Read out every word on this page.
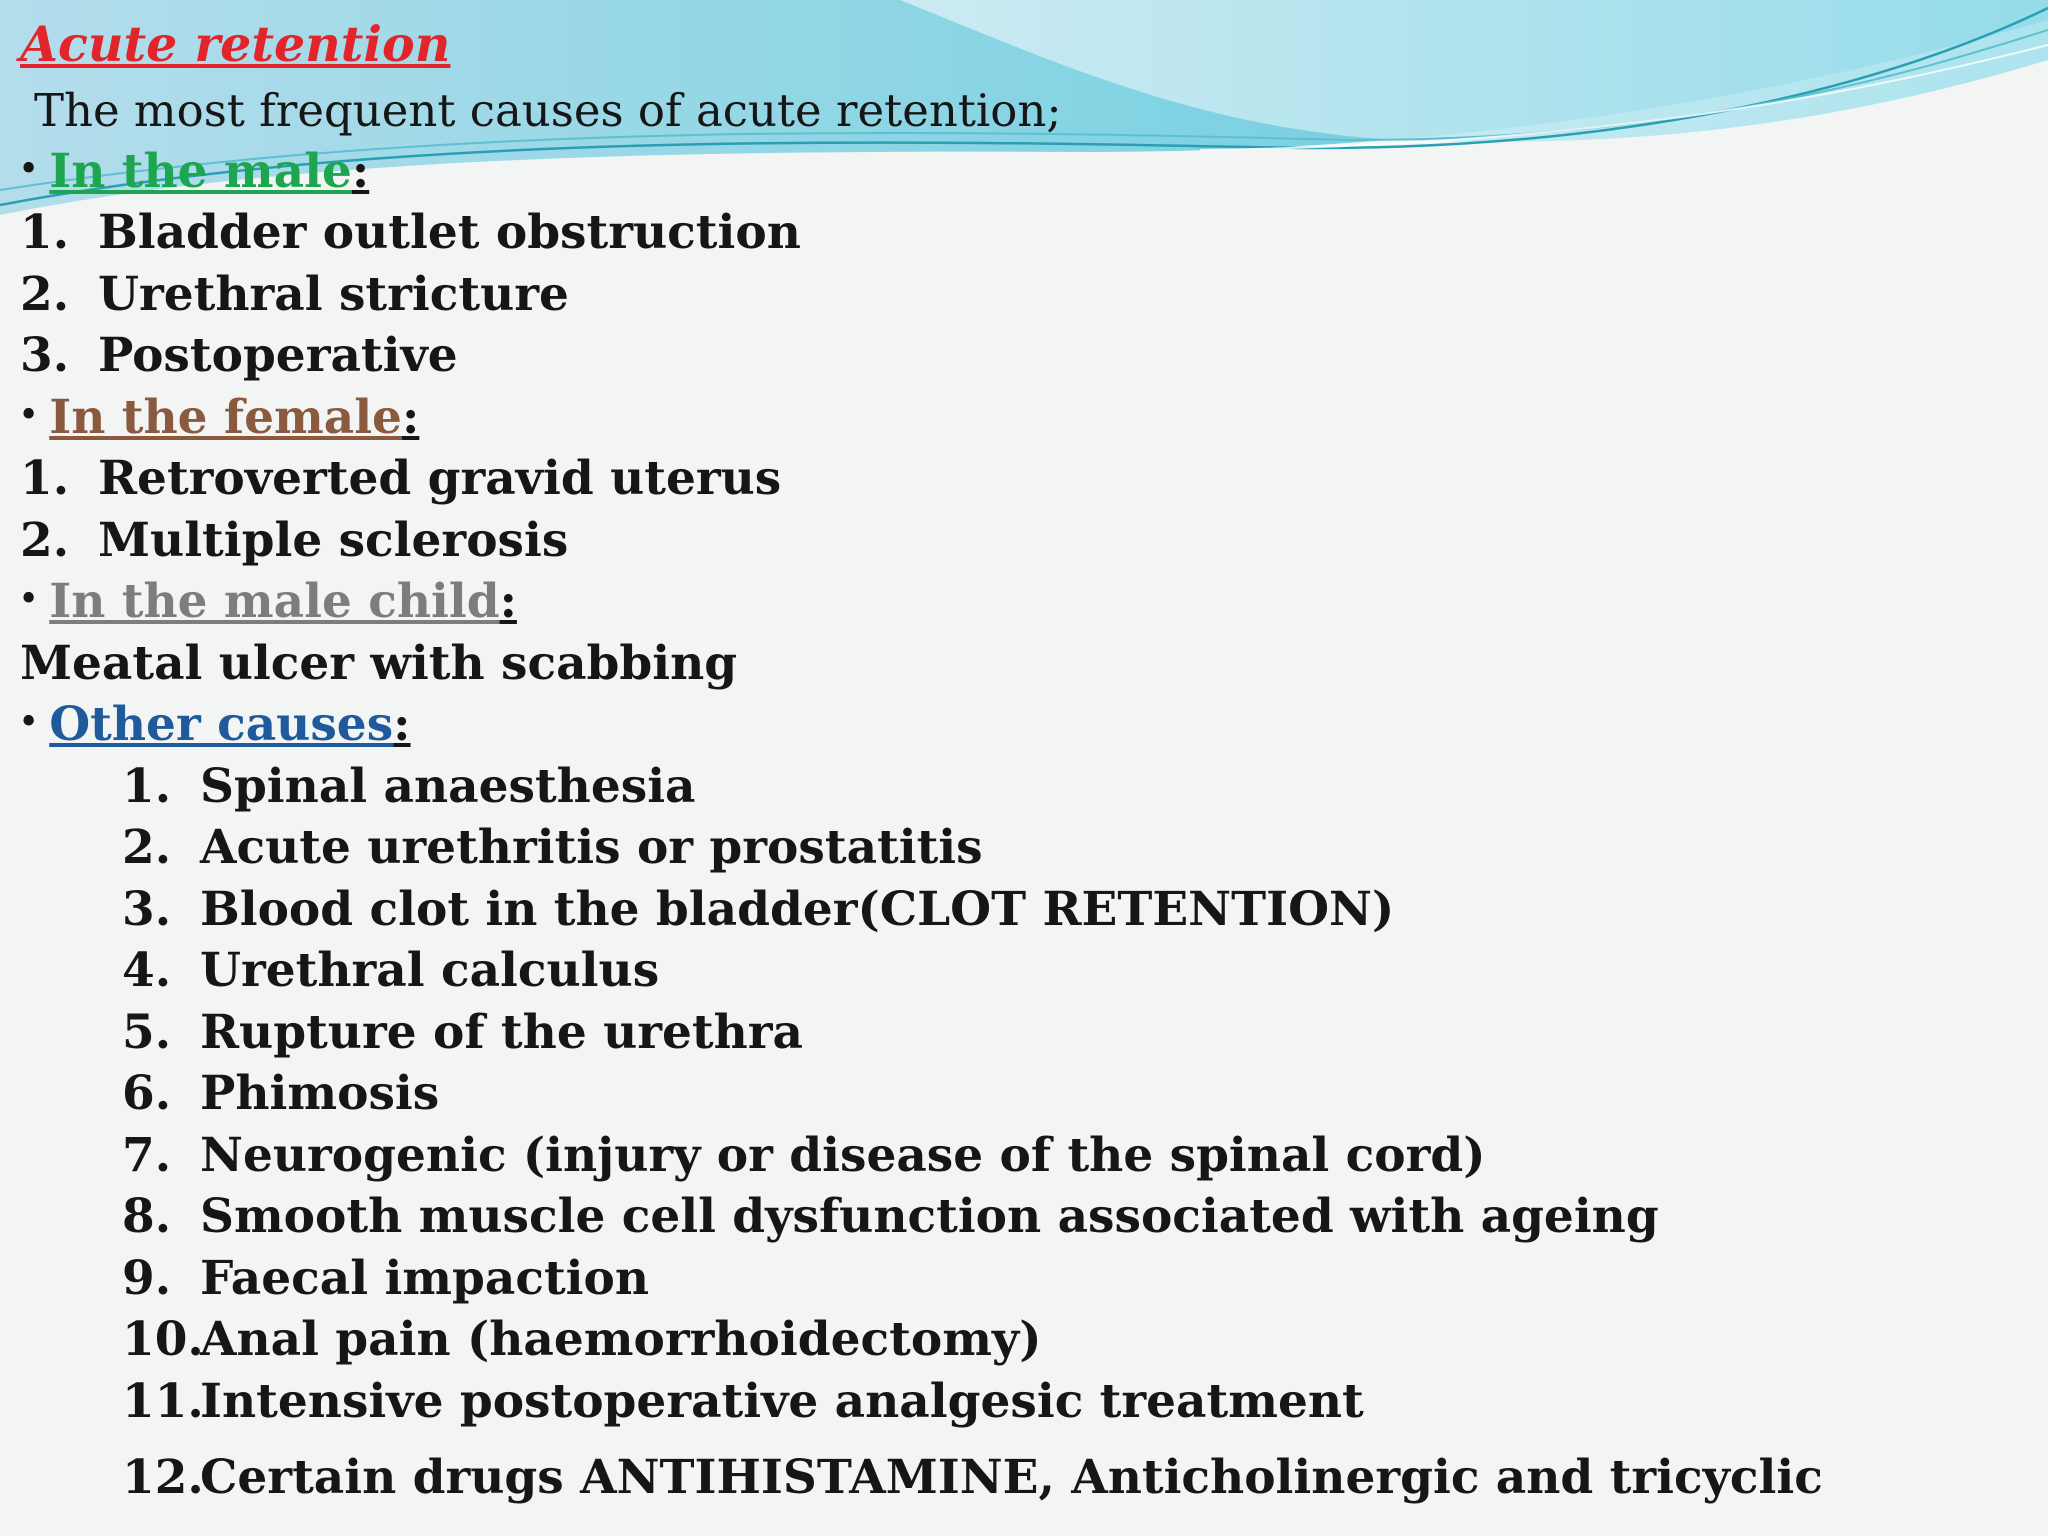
Acute retention
The most frequent causes of acute retention;
• In the male:
1. Bladder outlet obstruction
2. Urethral stricture
3. Postoperative
• In the female:
1. Retroverted gravid uterus
2. Multiple sclerosis
• In the male child:
Meatal ulcer with scabbing
• Other causes:
1. Spinal anaesthesia
2. Acute urethritis or prostatitis
3. Blood clot in the bladder(CLOT RETENTION)
4. Urethral calculus
5. Rupture of the urethra
6. Phimosis
7. Neurogenic (injury or disease of the spinal cord)
8. Smooth muscle cell dysfunction associated with ageing
9. Faecal impaction
10.
Anal pain (haemorrhoidectomy)
11.
Intensive postoperative analgesic treatment
12.
Certain drugs ANTIHISTAMINE, Anticholinergic and tricyclic
